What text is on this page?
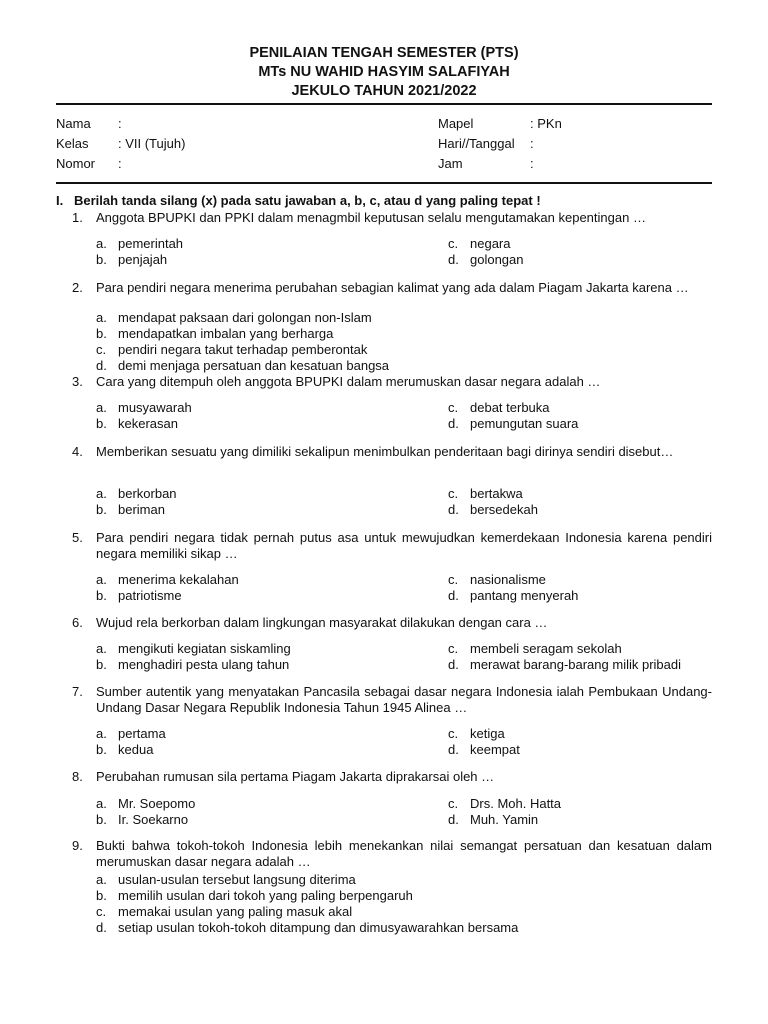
PENILAIAN TENGAH SEMESTER (PTS)
MTs NU WAHID HASYIM SALAFIYAH
JEKULO TAHUN 2021/2022
Nama :	Mapel	: PKn
Kelas : VII (Tujuh)	Hari//Tanggal :
Nomor :	Jam	:
I. Berilah tanda silang (x) pada satu jawaban a, b, c, atau d yang paling tepat !
1. Anggota BPUPKI dan PPKI dalam menagmbil keputusan selalu mengutamakan kepentingan …
a. pemerintah
b. penjajah
c. negara
d. golongan
2. Para pendiri negara menerima perubahan sebagian kalimat yang ada dalam Piagam Jakarta karena …
a. mendapat paksaan dari golongan non-Islam
b. mendapatkan imbalan yang berharga
c. pendiri negara takut terhadap pemberontak
d. demi menjaga persatuan dan kesatuan bangsa
3. Cara yang ditempuh oleh anggota BPUPKI dalam merumuskan dasar negara adalah …
a. musyawarah
b. kekerasan
c. debat terbuka
d. pemungutan suara
4. Memberikan sesuatu yang dimiliki sekalipun menimbulkan penderitaan bagi dirinya sendiri disebut…
a. berkorban
b. beriman
c. bertakwa
d. bersedekah
5. Para pendiri negara tidak pernah putus asa untuk mewujudkan kemerdekaan Indonesia karena pendiri negara memiliki sikap …
a. menerima kekalahan
b. patriotisme
c. nasionalisme
d. pantang menyerah
6. Wujud rela berkorban dalam lingkungan masyarakat dilakukan dengan cara …
a. mengikuti kegiatan siskamling
b. menghadiri pesta ulang tahun
c. membeli seragam sekolah
d. merawat barang-barang milik pribadi
7. Sumber autentik yang menyatakan Pancasila sebagai dasar negara Indonesia ialah Pembukaan Undang-Undang Dasar Negara Republik Indonesia Tahun 1945 Alinea …
a. pertama
b. kedua
c. ketiga
d. keempat
8. Perubahan rumusan sila pertama Piagam Jakarta diprakarsai oleh …
a. Mr. Soepomo
b. Ir. Soekarno
c. Drs. Moh. Hatta
d. Muh. Yamin
9. Bukti bahwa tokoh-tokoh Indonesia lebih menekankan nilai semangat persatuan dan kesatuan dalam merumuskan dasar negara adalah …
a. usulan-usulan tersebut langsung diterima
b. memilih usulan dari tokoh yang paling berpengaruh
c. memakai usulan yang paling masuk akal
d. setiap usulan tokoh-tokoh ditampung dan dimusyawarahkan bersama
